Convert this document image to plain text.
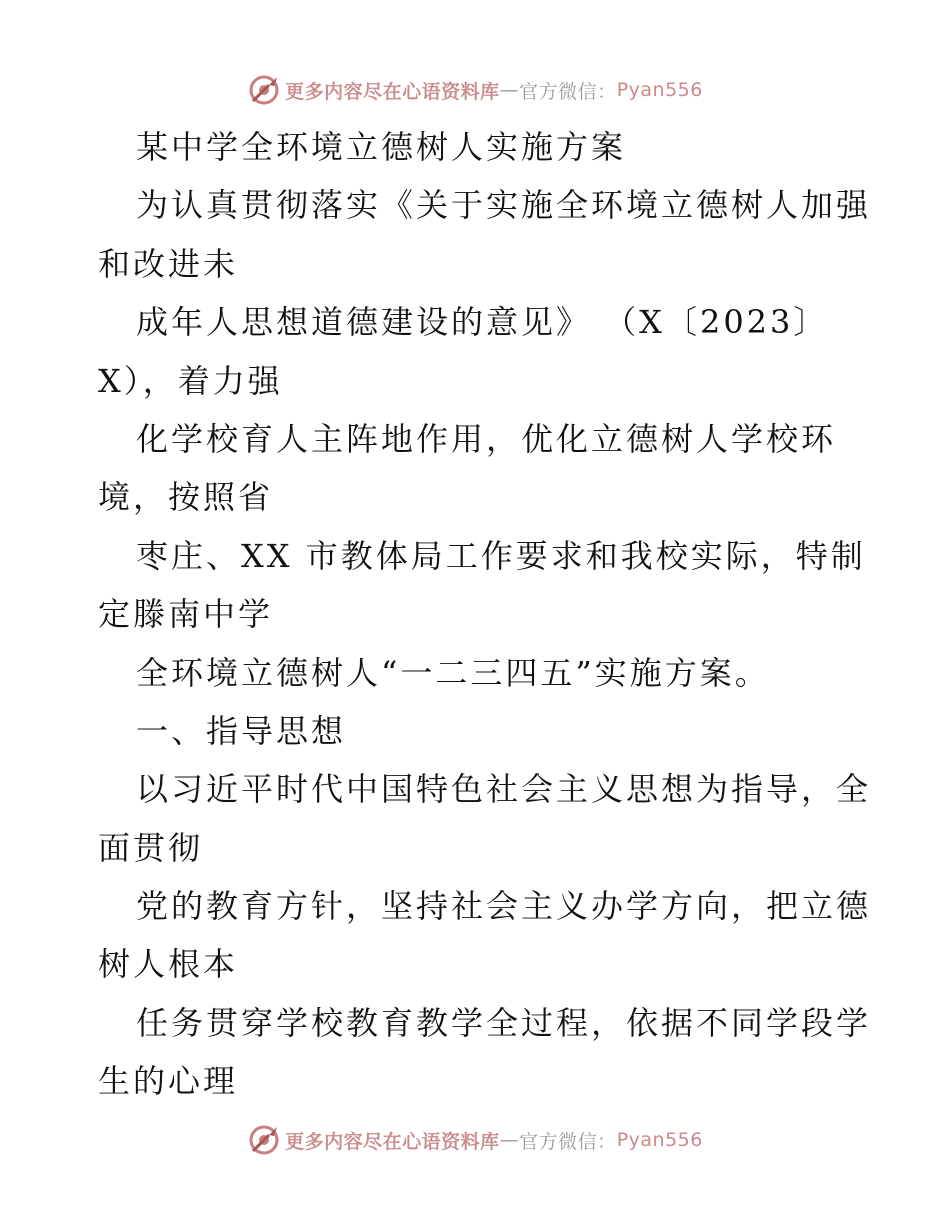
更多内容尽在心语资料库 — 官方微信： Pyan556
某中学全环境立德树人实施方案
为认真贯彻落实《关于实施全环境立德树人加强
和改进未
成年人思想道德建设的意见》 （X〔2023〕
X），着力强
化学校育人主阵地作用，优化立德树人学校环
境，按照省
枣庄、XX 市教体局工作要求和我校实际，特制
定滕南中学
全环境立德树人“一二三四五”实施方案。
一、指导思想
以习近平时代中国特色社会主义思想为指导，全
面贯彻
党的教育方针，坚持社会主义办学方向，把立德
树人根本
任务贯穿学校教育教学全过程，依据不同学段学
生的心理
更多内容尽在心语资料库 — 官方微信： Pyan556
